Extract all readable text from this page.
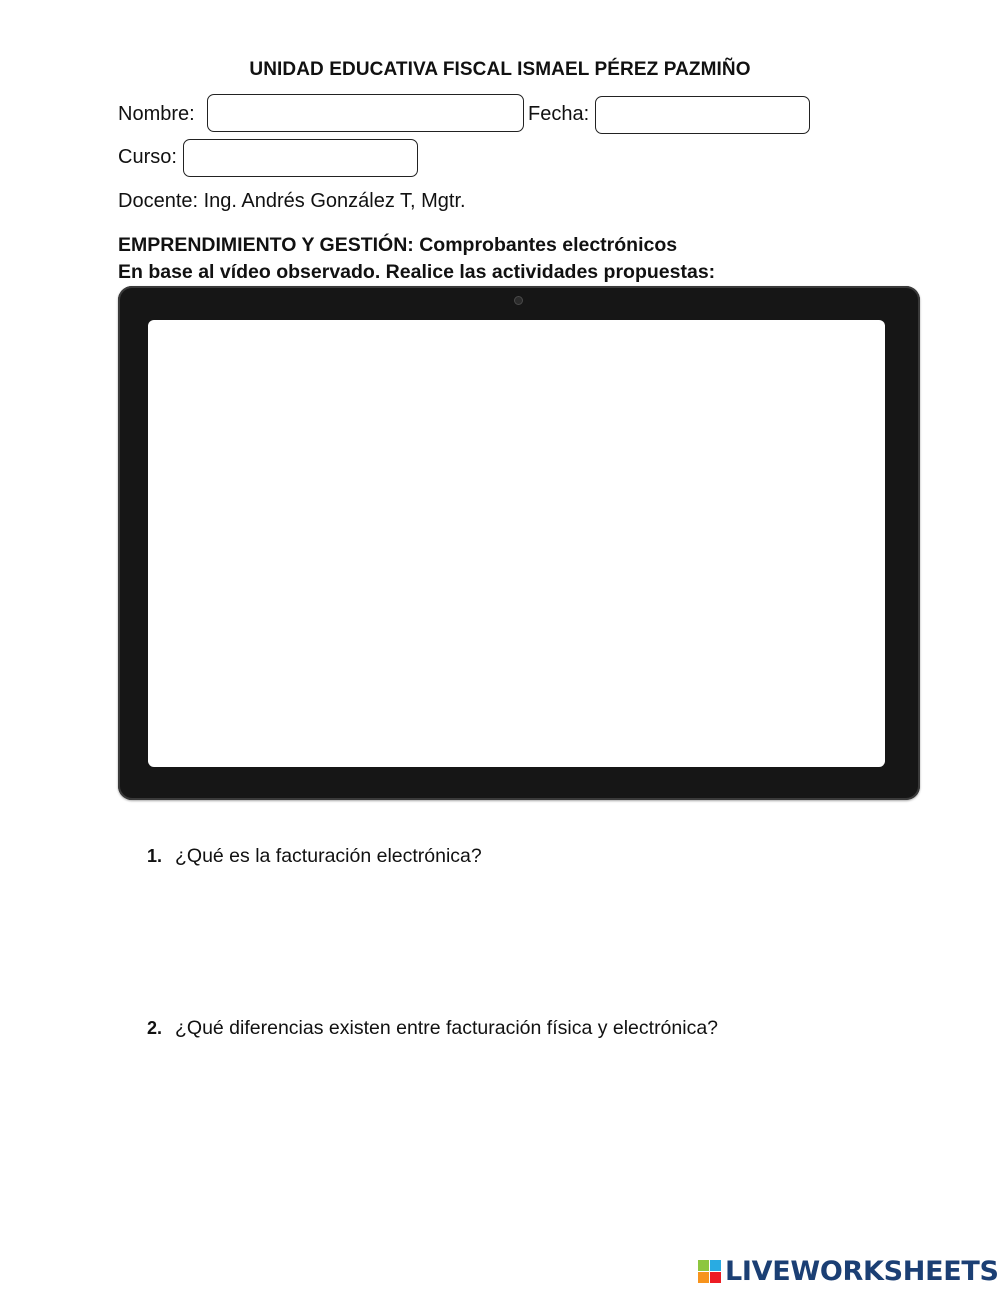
UNIDAD EDUCATIVA FISCAL ISMAEL PÉREZ PAZMIÑO
Nombre:	Fecha:
Curso:
Docente: Ing. Andrés González T, Mgtr.
EMPRENDIMIENTO Y GESTIÓN: Comprobantes electrónicos
En base al vídeo observado. Realice las actividades propuestas:
1. ¿Qué es la facturación electrónica?
2. ¿Qué diferencias existen entre facturación física y electrónica?
LIVEWORKSHEETS
